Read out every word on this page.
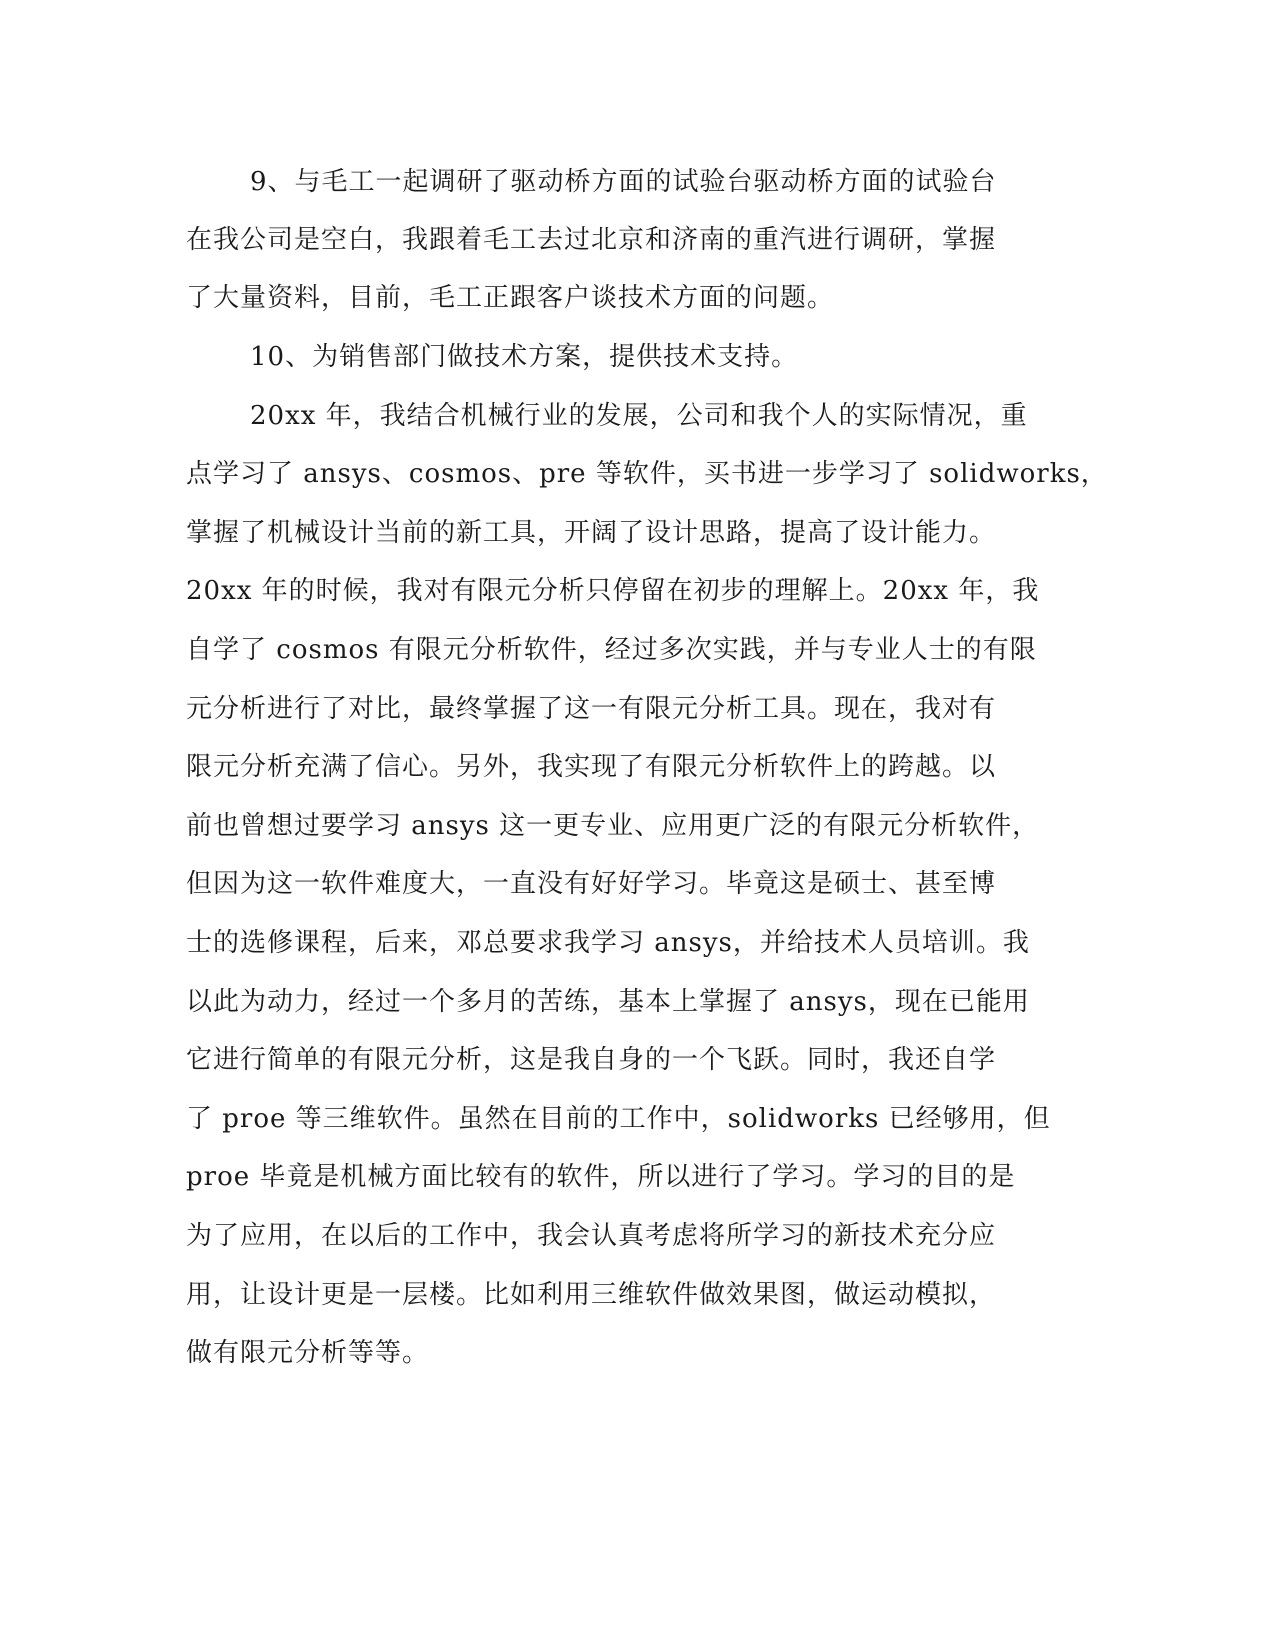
9、与毛工一起调研了驱动桥方面的试验台驱动桥方面的试验台
在我公司是空白，我跟着毛工去过北京和济南的重汽进行调研，掌握
了大量资料，目前，毛工正跟客户谈技术方面的问题。
10、为销售部门做技术方案，提供技术支持。
20xx 年，我结合机械行业的发展，公司和我个人的实际情况，重
点学习了 ansys、cosmos、pre 等软件，买书进一步学习了 solidworks，
掌握了机械设计当前的新工具，开阔了设计思路，提高了设计能力。
20xx 年的时候，我对有限元分析只停留在初步的理解上。20xx 年，我
自学了 cosmos 有限元分析软件，经过多次实践，并与专业人士的有限
元分析进行了对比，最终掌握了这一有限元分析工具。现在，我对有
限元分析充满了信心。另外，我实现了有限元分析软件上的跨越。以
前也曾想过要学习 ansys 这一更专业、应用更广泛的有限元分析软件，
但因为这一软件难度大，一直没有好好学习。毕竟这是硕士、甚至博
士的选修课程，后来，邓总要求我学习 ansys，并给技术人员培训。我
以此为动力，经过一个多月的苦练，基本上掌握了 ansys，现在已能用
它进行简单的有限元分析，这是我自身的一个飞跃。同时，我还自学
了 proe 等三维软件。虽然在目前的工作中，solidworks 已经够用，但
proe 毕竟是机械方面比较有的软件，所以进行了学习。学习的目的是
为了应用，在以后的工作中，我会认真考虑将所学习的新技术充分应
用，让设计更是一层楼。比如利用三维软件做效果图，做运动模拟，
做有限元分析等等。
